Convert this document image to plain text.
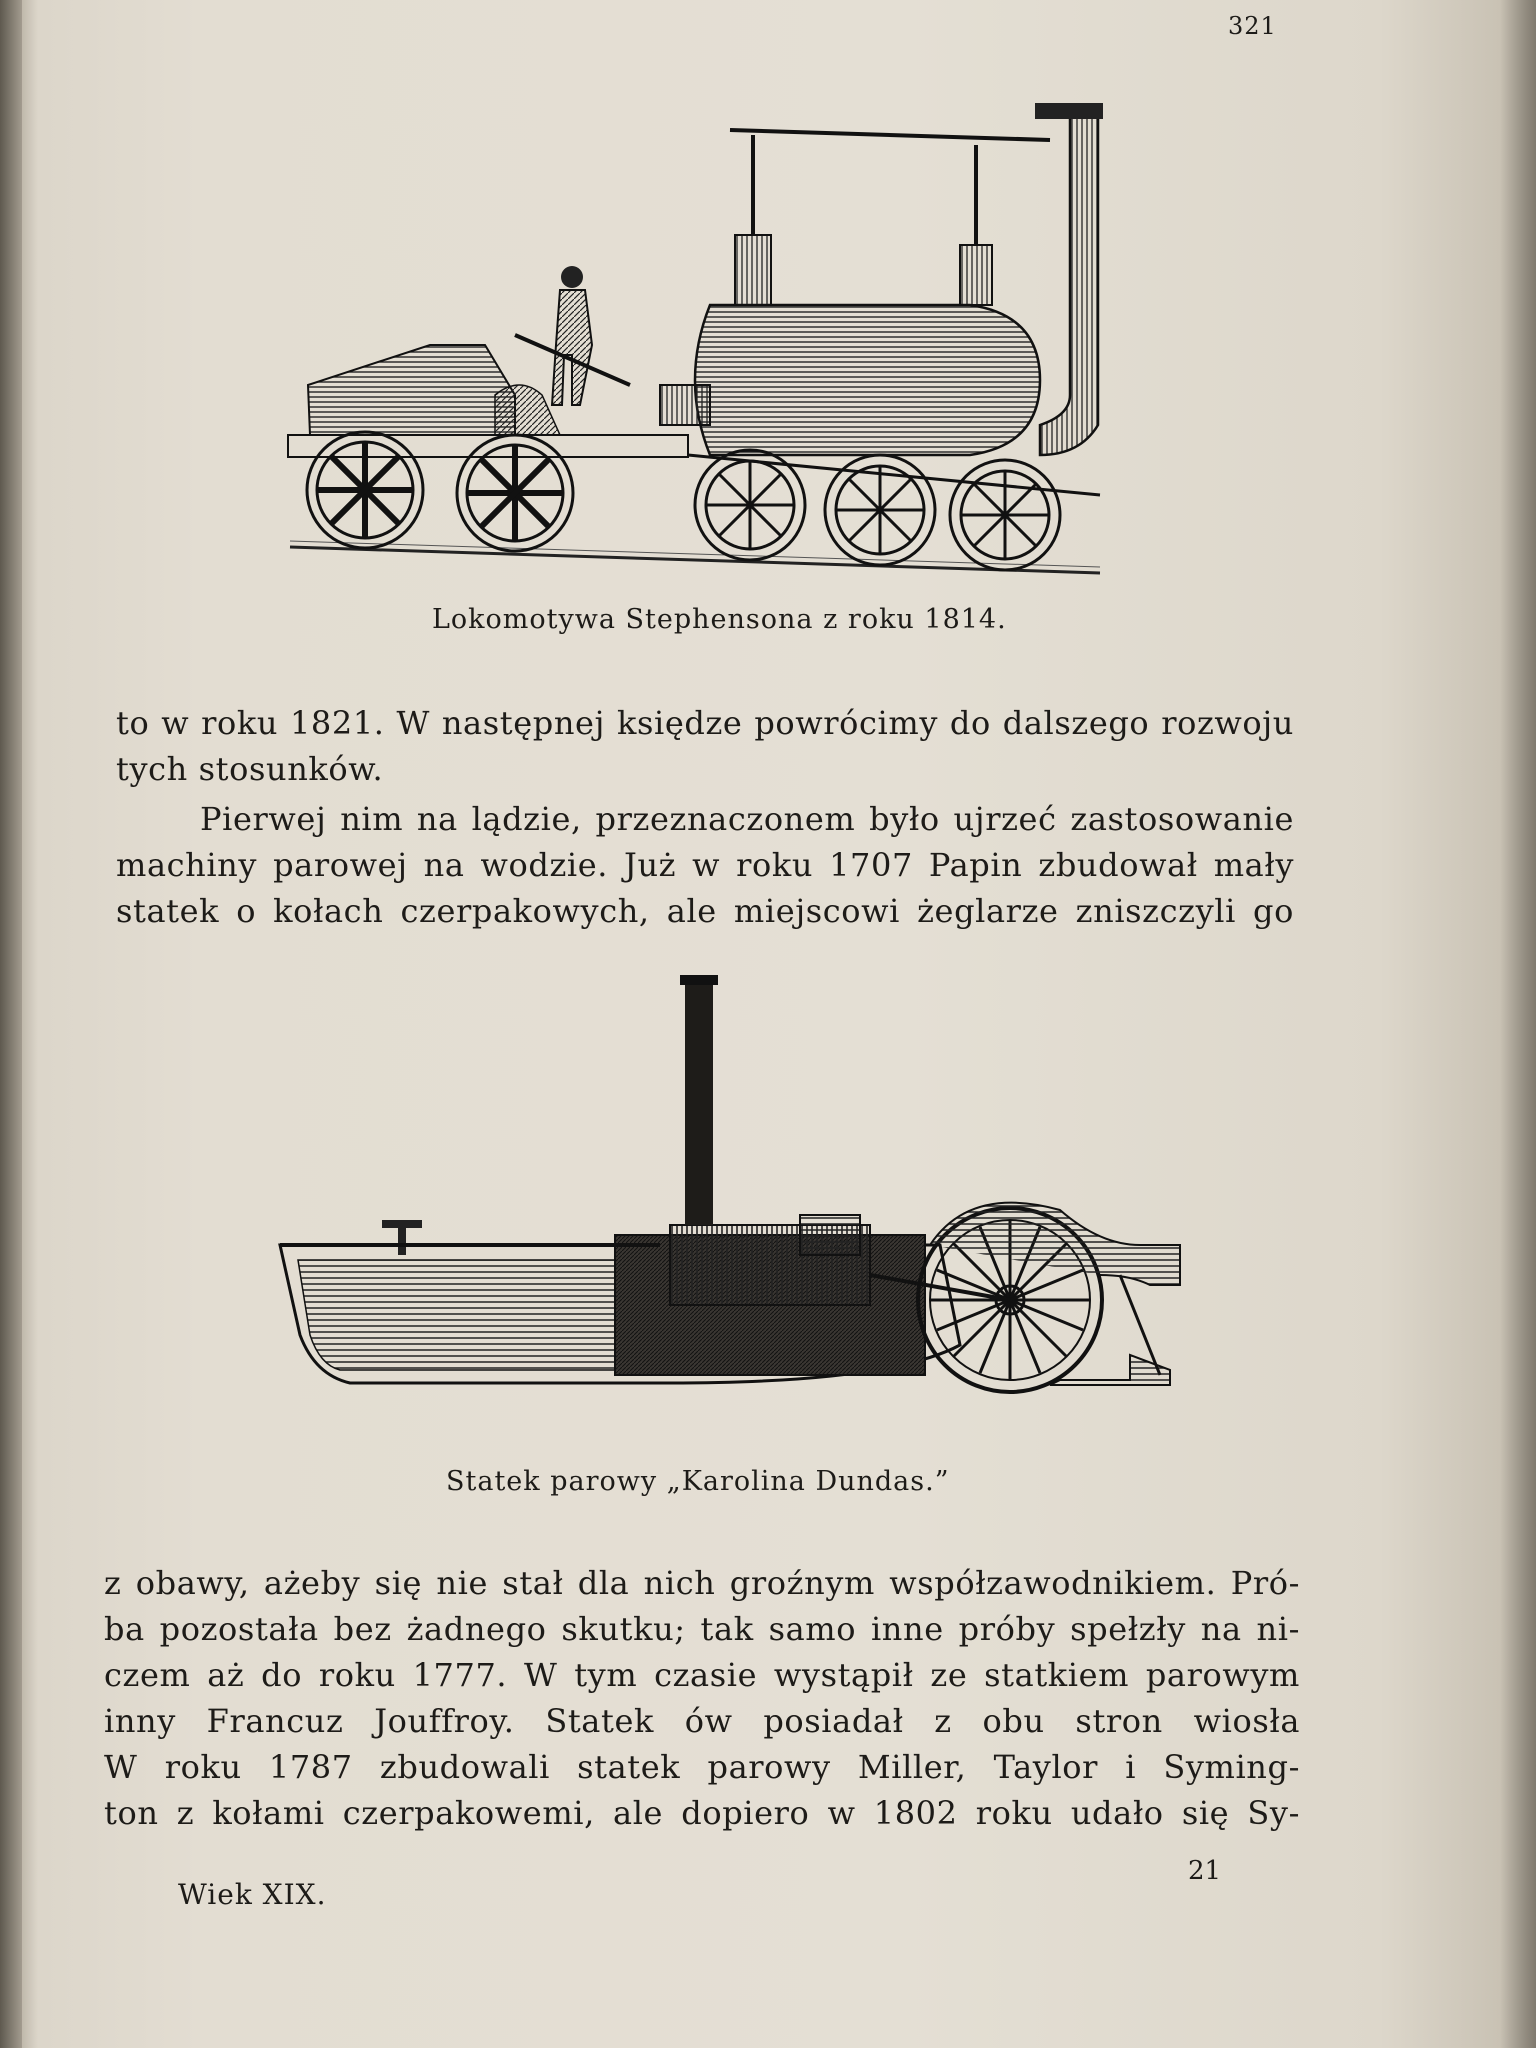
321
Lokomotywa Stephensona z roku 1814.
to w roku 1821. W następnej księdze powrócimy do dalszego rozwoju
tych stosunków.
Pierwej nim na lądzie, przeznaczonem było ujrzeć zastosowanie
machiny parowej na wodzie. Już w roku 1707 Papin zbudował mały
statek o kołach czerpakowych, ale miejscowi żeglarze zniszczyli go
Statek parowy „Karolina Dundas.”
z obawy, ażeby się nie stał dla nich groźnym współzawodnikiem. Pró-
ba pozostała bez żadnego skutku; tak samo inne próby spełzły na ni-
czem aż do roku 1777. W tym czasie wystąpił ze statkiem parowym
inny Francuz Jouffroy. Statek ów posiadał z obu stron wiosła
W roku 1787 zbudowali statek parowy Miller, Taylor i Syming-
ton z kołami czerpakowemi, ale dopiero w 1802 roku udało się Sy-
Wiek XIX.
21
